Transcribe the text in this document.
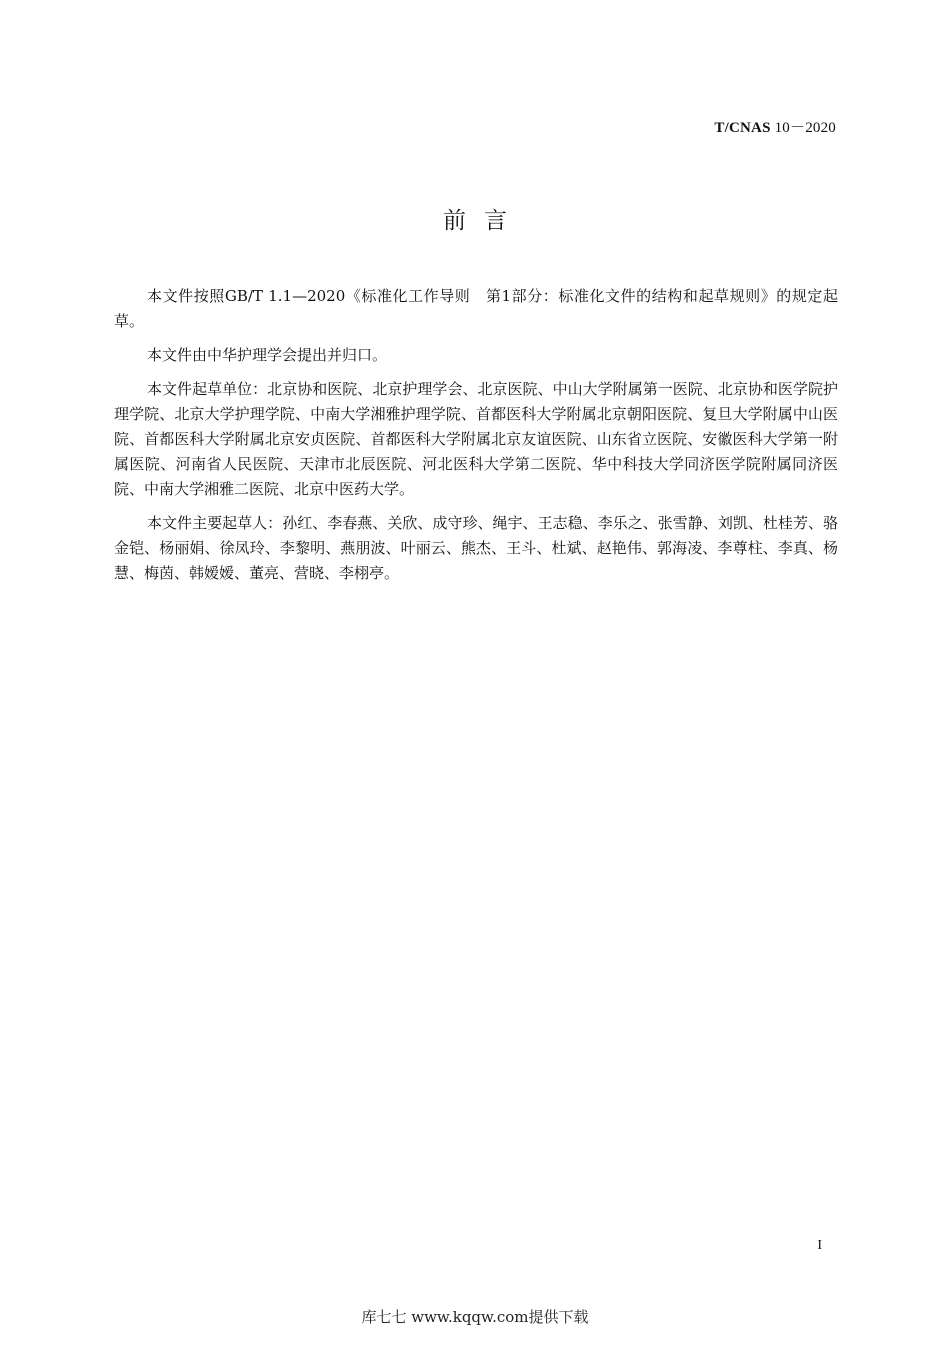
T/CNAS 10－2020
前言

本文件按照GB/T 1.1—2020《标准化工作导则　第1部分：标准化文件的结构和起草规则》的规定起草。

本文件由中华护理学会提出并归口。

本文件起草单位：北京协和医院、北京护理学会、北京医院、中山大学附属第一医院、北京协和医学院护理学院、北京大学护理学院、中南大学湘雅护理学院、首都医科大学附属北京朝阳医院、复旦大学附属中山医院、首都医科大学附属北京安贞医院、首都医科大学附属北京友谊医院、山东省立医院、安徽医科大学第一附属医院、河南省人民医院、天津市北辰医院、河北医科大学第二医院、华中科技大学同济医学院附属同济医院、中南大学湘雅二医院、北京中医药大学。

本文件主要起草人：孙红、李春燕、关欣、成守珍、绳宇、王志稳、李乐之、张雪静、刘凯、杜桂芳、骆金铠、杨丽娟、徐凤玲、李黎明、燕朋波、叶丽云、熊杰、王斗、杜斌、赵艳伟、郭海凌、李尊柱、李真、杨慧、梅茵、韩嫒嫒、董亮、营晓、李栩亭。

I
库七七 www.kqqw.com提供下载
